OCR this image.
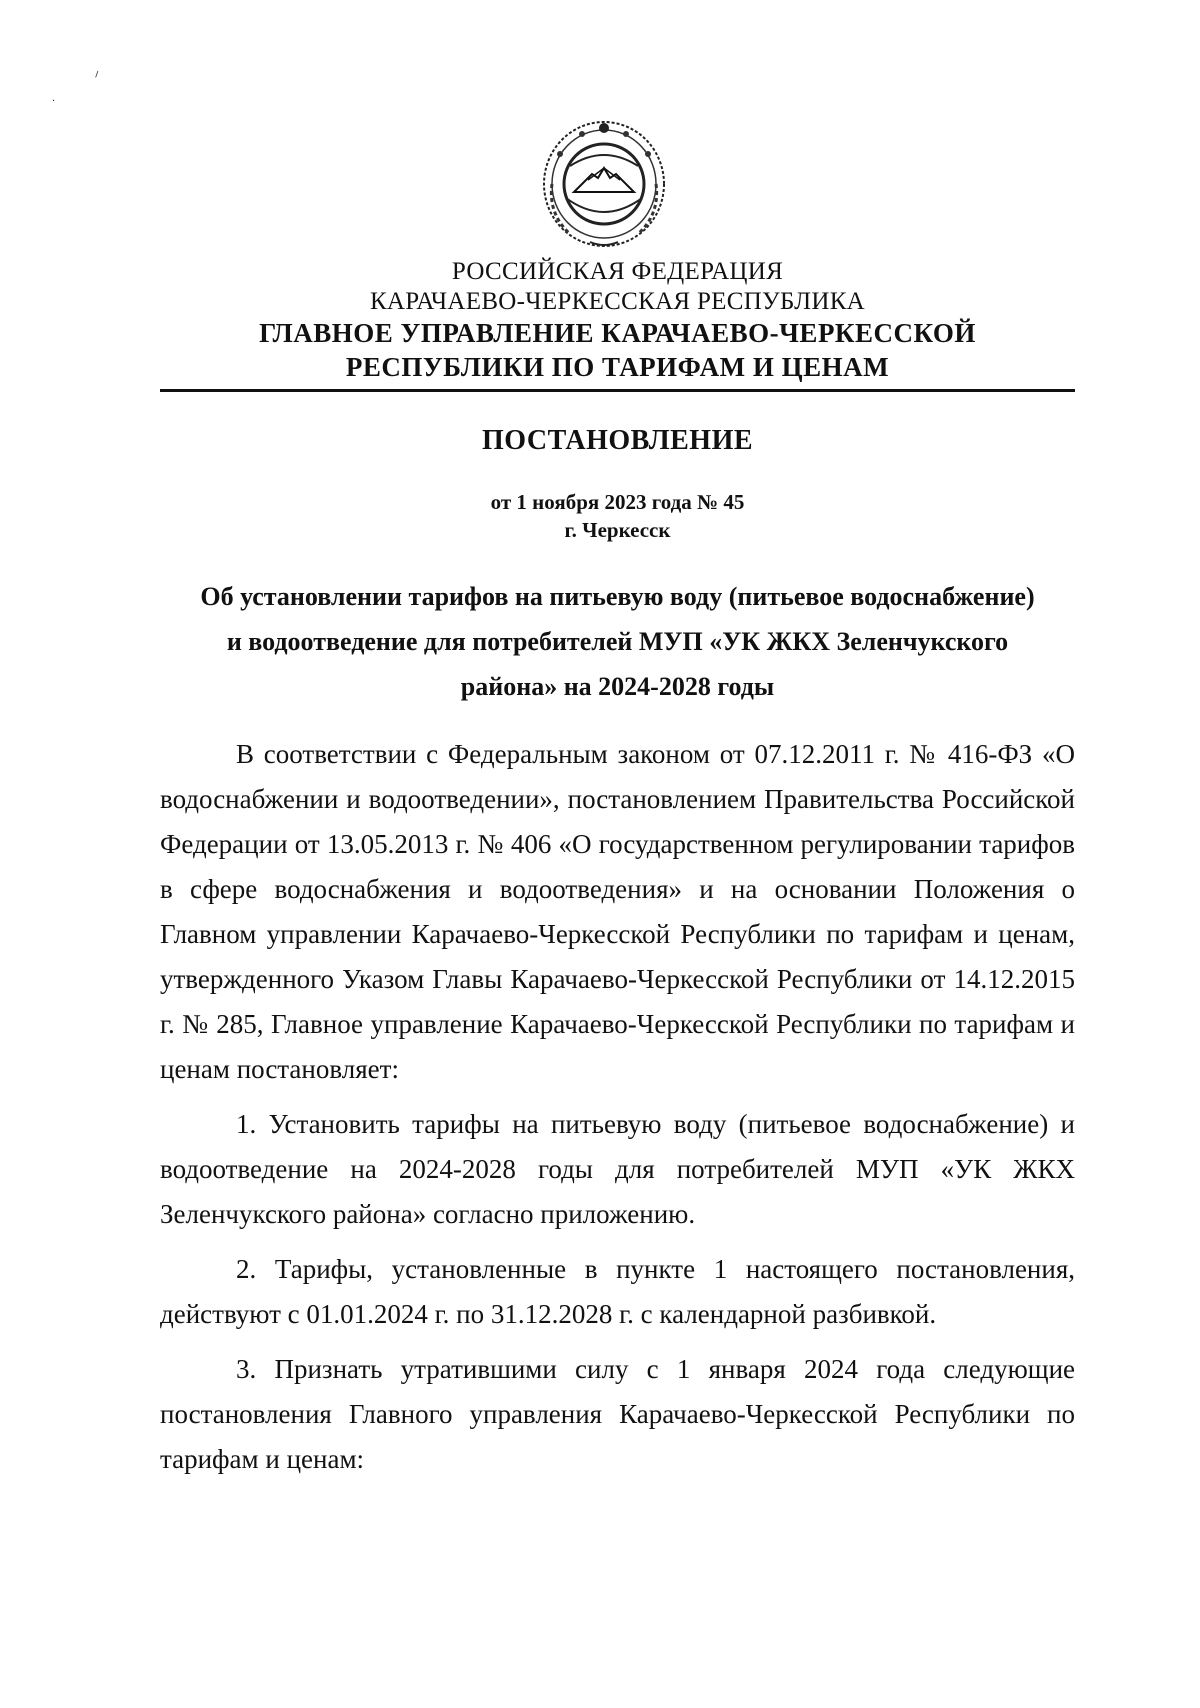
⸝
·
РОССИЙСКАЯ ФЕДЕРАЦИЯ
КАРАЧАЕВО-ЧЕРКЕССКАЯ РЕСПУБЛИКА
ГЛАВНОЕ УПРАВЛЕНИЕ КАРАЧАЕВО-ЧЕРКЕССКОЙ
РЕСПУБЛИКИ ПО ТАРИФАМ И ЦЕНАМ
ПОСТАНОВЛЕНИЕ
от 1 ноября 2023 года № 45
г. Черкесск
Об установлении тарифов на питьевую воду (питьевое водоснабжение)
и водоотведение для потребителей МУП «УК ЖКХ Зеленчукского
района» на 2024-2028 годы

В соответствии с Федеральным законом от 07.12.2011 г. № 416-ФЗ «О водоснабжении и водоотведении», постановлением Правительства Российской Федерации от 13.05.2013 г. № 406 «О государственном регулировании тарифов в сфере водоснабжения и водоотведения» и на основании Положения о Главном управлении Карачаево-Черкесской Республики по тарифам и ценам, утвержденного Указом Главы Карачаево-Черкесской Республики от 14.12.2015 г. № 285, Главное управление Карачаево-Черкесской Республики по тарифам и ценам постановляет:

1. Установить тарифы на питьевую воду (питьевое водоснабжение) и водоотведение на 2024-2028 годы для потребителей МУП «УК ЖКХ Зеленчукского района» согласно приложению.

2. Тарифы, установленные в пункте 1 настоящего постановления, действуют с 01.01.2024 г. по 31.12.2028 г. с календарной разбивкой.

3. Признать утратившими силу с 1 января 2024 года следующие постановления Главного управления Карачаево-Черкесской Республики по тарифам и ценам:
